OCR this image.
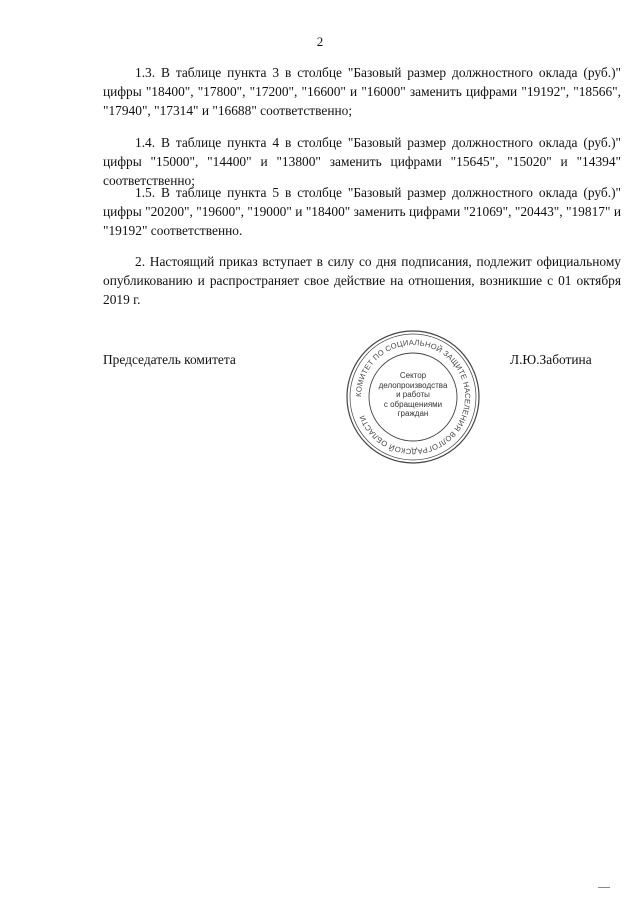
2

1.3. В таблице пункта 3 в столбце "Базовый размер должностного оклада (руб.)" цифры "18400", "17800", "17200", "16600" и "16000" заменить цифрами "19192", "18566", "17940", "17314" и "16688" соответственно;

1.4. В таблице пункта 4 в столбце "Базовый размер должностного оклада (руб.)" цифры "15000", "14400" и "13800" заменить цифрами "15645", "15020" и "14394" соответственно;

1.5. В таблице пункта 5 в столбце "Базовый размер должностного оклада (руб.)" цифры "20200", "19600", "19000" и "18400" заменить цифрами "21069", "20443", "19817" и "19192" соответственно.

2. Настоящий приказ вступает в силу со дня подписания, подлежит официальному опубликованию и распространяет свое действие на отношения, возникшие с 01 октября 2019 г.

Председатель комитета
КОМИТЕТ ПО СОЦИАЛЬНОЙ ЗАЩИТЕ НАСЕЛЕНИЯ ВОЛГОГРАДСКОЙ ОБЛАСТИ
Сектор
делопроизводства
и работы
с обращениями
граждан
Л.Ю.Заботина
